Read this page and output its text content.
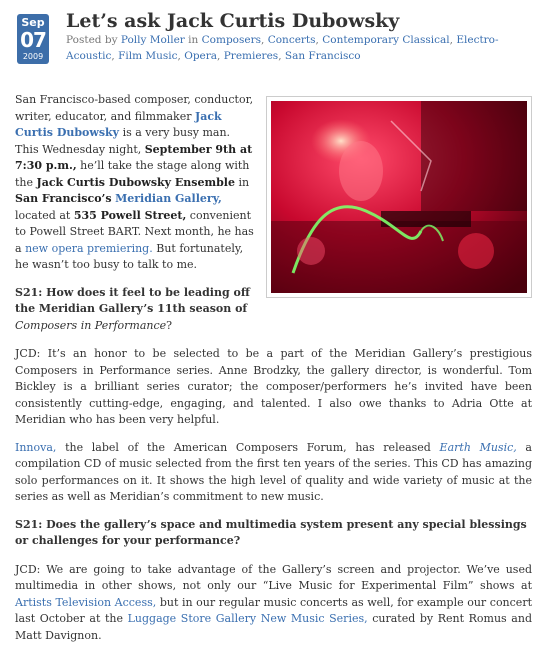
Sep
07
2009
Let’s ask Jack Curtis Dubowsky
Posted by Polly Moller in Composers, Concerts, Contemporary Classical, Electro-Acoustic, Film Music, Opera, Premieres, San Francisco

San Francisco-based composer, conductor, writer, educator, and filmmaker Jack Curtis Dubowsky is a very busy man. This Wednesday night, September 9th at 7:30 p.m., he’ll take the stage along with the Jack Curtis Dubowsky Ensemble in San Francisco’s Meridian Gallery, located at 535 Powell Street, convenient to Powell Street BART. Next month, he has a new opera premiering. But fortunately, he wasn’t too busy to talk to me.

S21: How does it feel to be leading off
the Meridian Gallery’s 11th season of Composers in Performance?

JCD: It’s an honor to be selected to be a part of the Meridian Gallery’s prestigious Composers in Performance series. Anne Brodzky, the gallery director, is wonderful. Tom Bickley is a brilliant series curator; the composer/performers he’s invited have been consistently cutting-edge, engaging, and talented. I also owe thanks to Adria Otte at Meridian who has been very helpful.

Innova, the label of the American Composers Forum, has released Earth Music, a compilation CD of music selected from the first ten years of the series. This CD has amazing solo performances on it. It shows the high level of quality and wide variety of music at the series as well as Meridian’s commitment to new music.

S21: Does the gallery’s space and multimedia system present any special blessings or challenges for your performance?

JCD: We are going to take advantage of the Gallery’s screen and projector. We’ve used multimedia in other shows, not only our “Live Music for Experimental Film” shows at Artists Television Access, but in our regular music concerts as well, for example our concert last October at the Luggage Store Gallery New Music Series, curated by Rent Romus and Matt Davignon.
